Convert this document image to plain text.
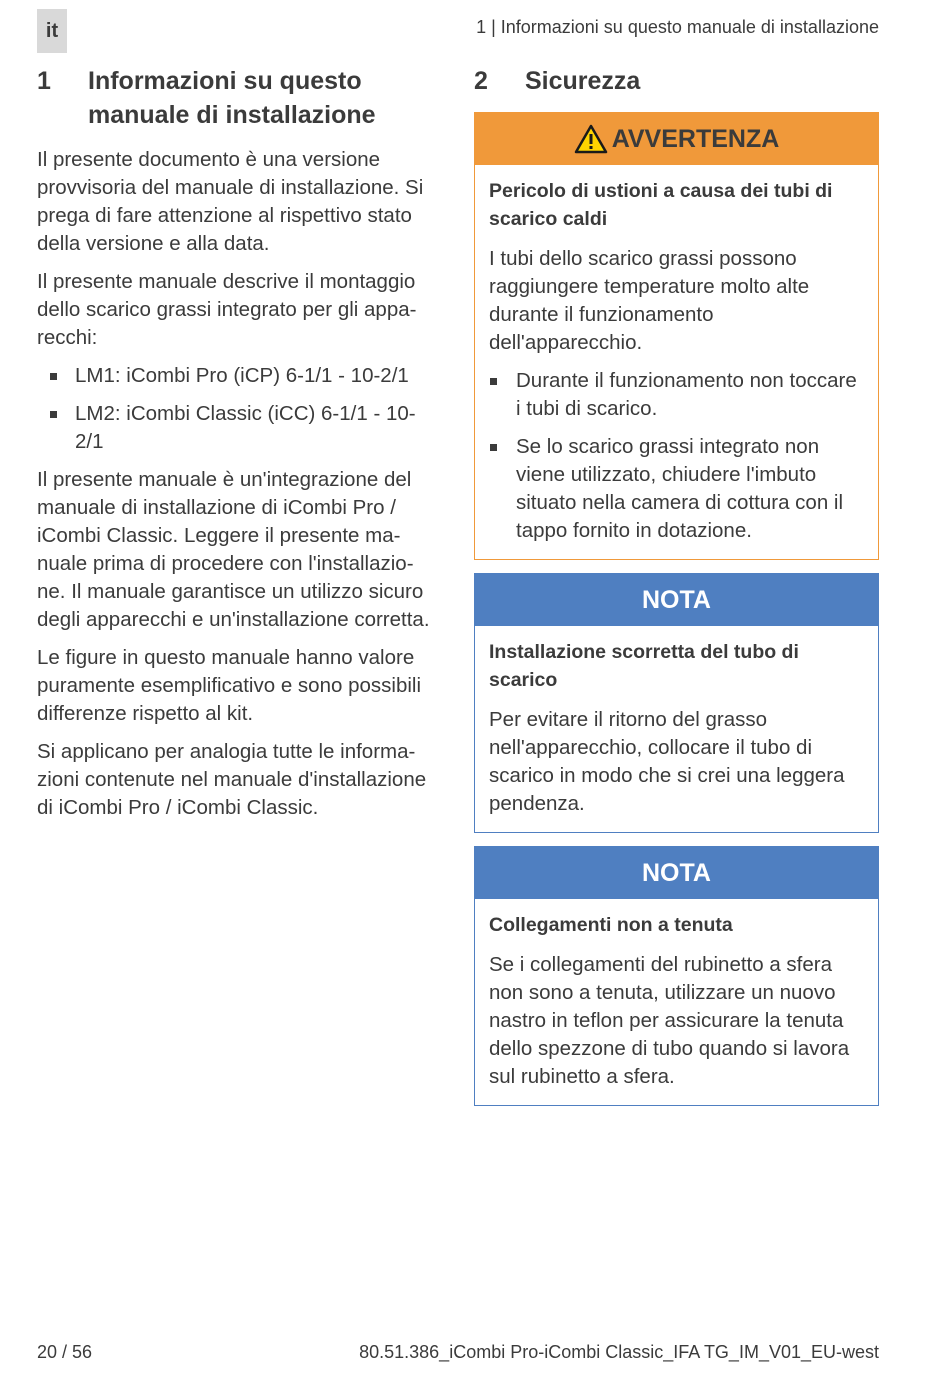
it	1 | Informazioni su questo manuale di installazione
1	Informazioni su questo manuale di installazione

Il presente documento è una versione provvisoria del manuale di installazione. Si prega di fare attenzione al rispettivo stato della versione e alla data.

Il presente manuale descrive il montaggio dello scarico grassi integrato per gli appa-recchi:

LM1: iCombi Pro (iCP) 6-1/1 - 10-2/1
LM2: iCombi Classic (iCC) 6-1/1 - 10-2/1

Il presente manuale è un'integrazione del manuale di installazione di iCombi Pro / iCombi Classic. Leggere il presente ma-nuale prima di procedere con l'installazio-ne. Il manuale garantisce un utilizzo sicuro degli apparecchi e un'installazione corretta.

Le figure in questo manuale hanno valore puramente esemplificativo e sono possibili differenze rispetto al kit.

Si applicano per analogia tutte le informa-zioni contenute nel manuale d'installazione di iCombi Pro / iCombi Classic.

2	Sicurezza
AVVERTENZA
Pericolo di ustioni a causa dei tubi di scarico caldi

I tubi dello scarico grassi possono raggiungere temperature molto alte durante il funzionamento dell'apparecchio.

Durante il funzionamento non toccare i tubi di scarico.
Se lo scarico grassi integrato non viene utilizzato, chiudere l'imbuto situato nella camera di cottura con il tappo fornito in dotazione.
NOTA
Installazione scorretta del tubo di scarico

Per evitare il ritorno del grasso nell'apparecchio, collocare il tubo di scarico in modo che si crei una leggera pendenza.

NOTA
Collegamenti non a tenuta

Se i collegamenti del rubinetto a sfera non sono a tenuta, utilizzare un nuovo nastro in teflon per assicurare la tenuta dello spezzone di tubo quando si lavora sul rubinetto a sfera.

20 / 56	80.51.386_iCombi Pro-iCombi Classic_IFA TG_IM_V01_EU-west
